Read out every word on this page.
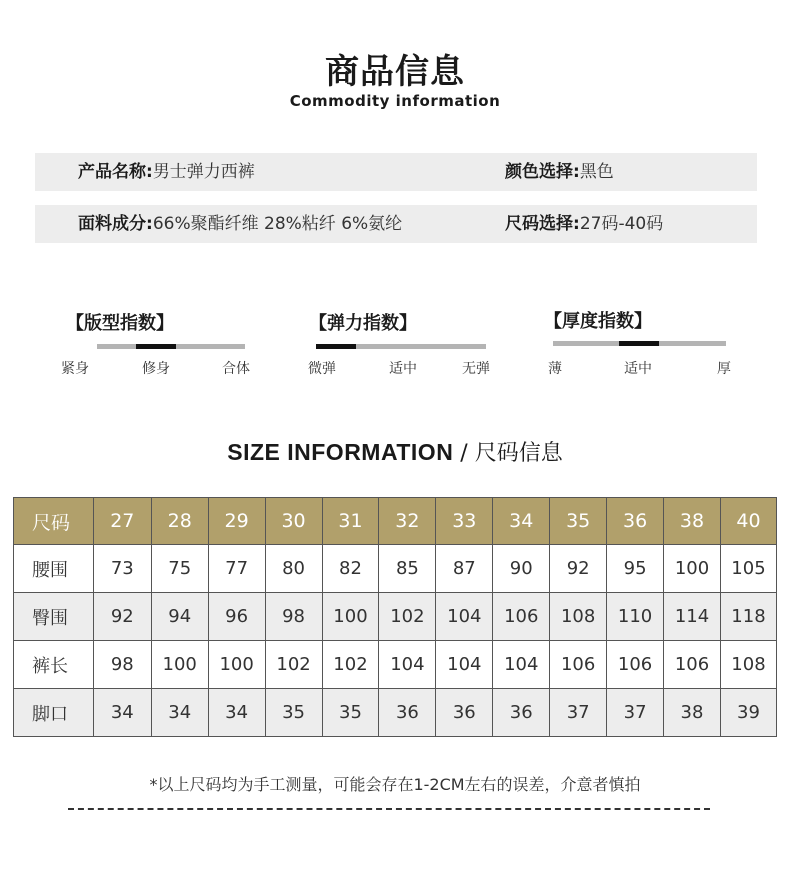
商品信息
Commodity information
产品名称:男士弹力西裤	颜色选择:黑色
面料成分:66%聚酯纤维 28%粘纤 6%氨纶	尺码选择:27码-40码
【版型指数】
紧身	修身	合体
【弹力指数】
微弹	适中	无弹
【厚度指数】
薄	适中	厚
SIZE INFORMATION / 尺码信息
尺码	27	28	29	30	31	32	33	34	35	36	38	40
腰围	73	75	77	80	82	85	87	90	92	95	100	105
臀围	92	94	96	98	100	102	104	106	108	110	114	118
裤长	98	100	100	102	102	104	104	104	106	106	106	108
脚口	34	34	34	35	35	36	36	36	37	37	38	39
*以上尺码均为手工测量，可能会存在1-2CM左右的误差，介意者慎拍
